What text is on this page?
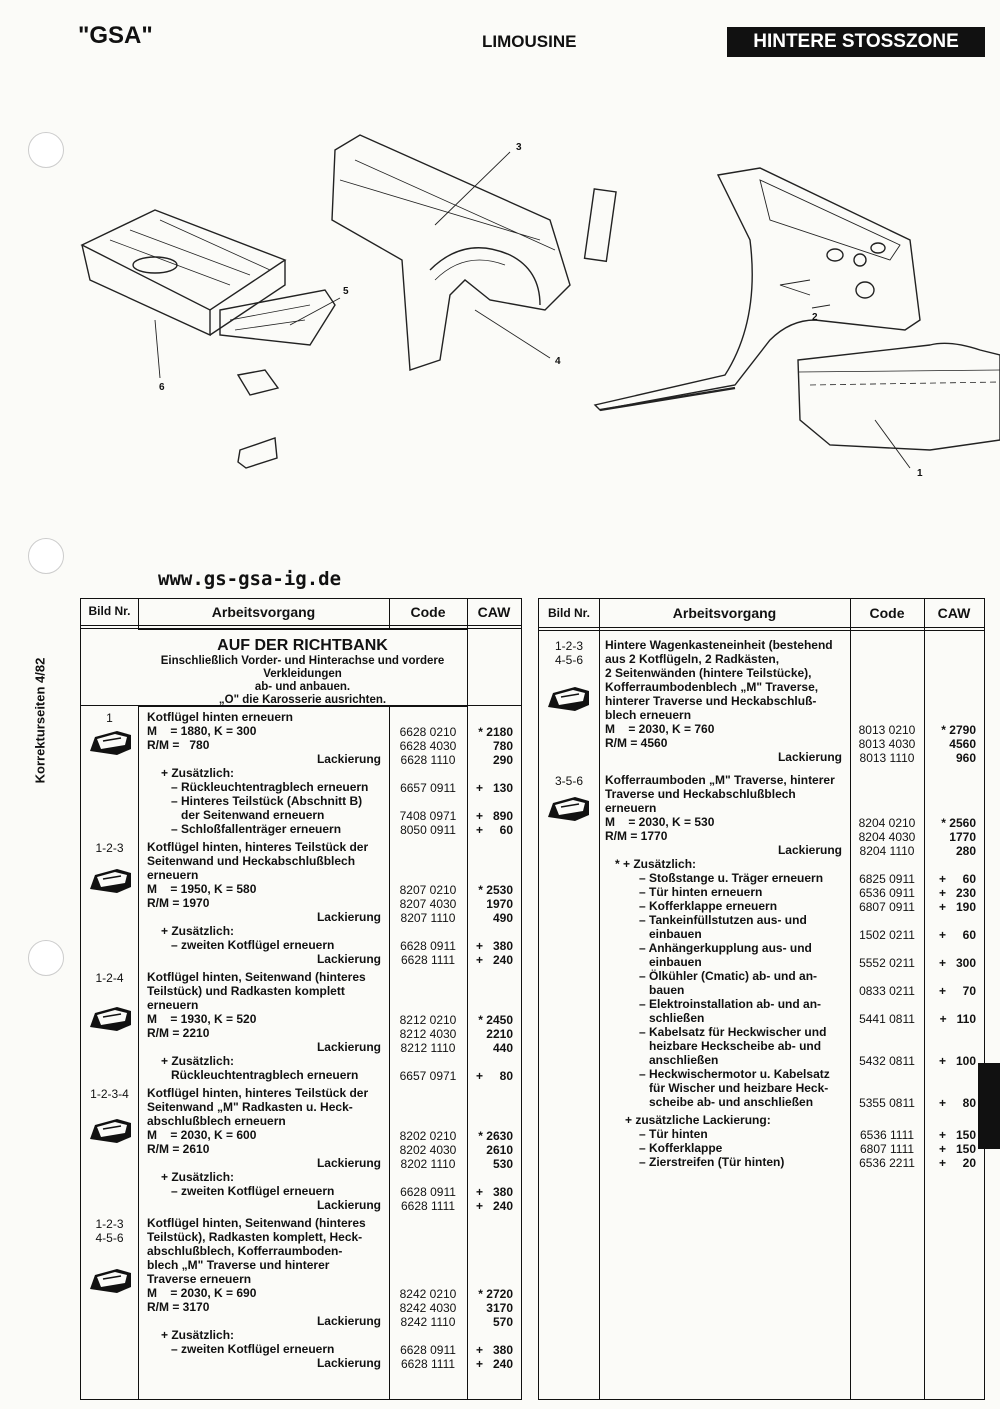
"GSA"	LIMOUSINE	HINTERE STOSSZONE
1
2
3
4
5
6
www.gs-gsa-ig.de
Korrekturseiten 4/82
Bild Nr.	Arbeitsvorgang	Code	CAW
AUF DER RICHTBANK
Einschließlich Vorder- und Hinterachse und vordere Verkleidungen
ab- und anbauen.
„O" die Karosserie ausrichten.
1	Kotflügel hinten erneuern
M    = 1880, K = 300	6628 0210	* 2180
R/M =   780	6628 4030	780
Lackierung	6628 1110	290
+ Zusätzlich:
– Rückleuchtentragblech erneuern	6657 0911	+   130
– Hinteres Teilstück (Abschnitt B)
der Seitenwand erneuern	7408 0971	+   890
– Schloßfallenträger erneuern	8050 0911	+     60
1-2-3	Kotflügel hinten, hinteres Teilstück der
Seitenwand und Heckabschlußblech
erneuern
M    = 1950, K = 580	8207 0210	* 2530
R/M = 1970	8207 4030	1970
Lackierung	8207 1110	490
+ Zusätzlich:
– zweiten Kotflügel erneuern	6628 0911	+   380
Lackierung	6628 1111	+   240
1-2-4	Kotflügel hinten, Seitenwand (hinteres
Teilstück) und Radkasten komplett
erneuern
M    = 1930, K = 520	8212 0210	* 2450
R/M = 2210	8212 4030	2210
Lackierung	8212 1110	440
+ Zusätzlich:
Rückleuchtentragblech erneuern	6657 0971	+     80
1-2-3-4	Kotflügel hinten, hinteres Teilstück der
Seitenwand „M" Radkasten u. Heck-
abschlußblech erneuern
M    = 2030, K = 600	8202 0210	* 2630
R/M = 2610	8202 4030	2610
Lackierung	8202 1110	530
+ Zusätzlich:
– zweiten Kotflügel erneuern	6628 0911	+   380
Lackierung	6628 1111	+   240
1-2-3	Kotflügel hinten, Seitenwand (hinteres
4-5-6	Teilstück), Radkasten komplett, Heck-
abschlußblech, Kofferraumboden-
blech „M" Traverse und hinterer
Traverse erneuern
M    = 2030, K = 690	8242 0210	* 2720
R/M = 3170	8242 4030	3170
Lackierung	8242 1110	570
+ Zusätzlich:
– zweiten Kotflügel erneuern	6628 0911	+   380
Lackierung	6628 1111	+   240
Bild Nr.	Arbeitsvorgang	Code	CAW
1-2-3	Hintere Wagenkasteneinheit (bestehend
4-5-6	aus 2 Kotflügeln, 2 Radkästen,
2 Seitenwänden (hintere Teilstücke),
Kofferraumbodenblech „M" Traverse,
hinterer Traverse und Heckabschluß-
blech erneuern
M    = 2030, K = 760	8013 0210	* 2790
R/M = 4560	8013 4030	4560
Lackierung	8013 1110	960
3-5-6	Kofferraumboden „M" Traverse, hinterer
Traverse und Heckabschlußblech
erneuern
M    = 2030, K = 530	8204 0210	* 2560
R/M = 1770	8204 4030	1770
Lackierung	8204 1110	280
* + Zusätzlich:
– Stoßstange u. Träger erneuern	6825 0911	+     60
– Tür hinten erneuern	6536 0911	+   230
– Kofferklappe erneuern	6807 0911	+   190
– Tankeinfüllstutzen aus- und
einbauen	1502 0211	+     60
– Anhängerkupplung aus- und
einbauen	5552 0211	+   300
– Ölkühler (Cmatic) ab- und an-
bauen	0833 0211	+     70
– Elektroinstallation ab- und an-
schließen	5441 0811	+   110
– Kabelsatz für Heckwischer und
heizbare Heckscheibe ab- und
anschließen	5432 0811	+   100
– Heckwischermotor u. Kabelsatz
für Wischer und heizbare Heck-
scheibe ab- und anschließen	5355 0811	+     80
+ zusätzliche Lackierung:
– Tür hinten	6536 1111	+   150
– Kofferklappe	6807 1111	+   150
– Zierstreifen (Tür hinten)	6536 2211	+     20
